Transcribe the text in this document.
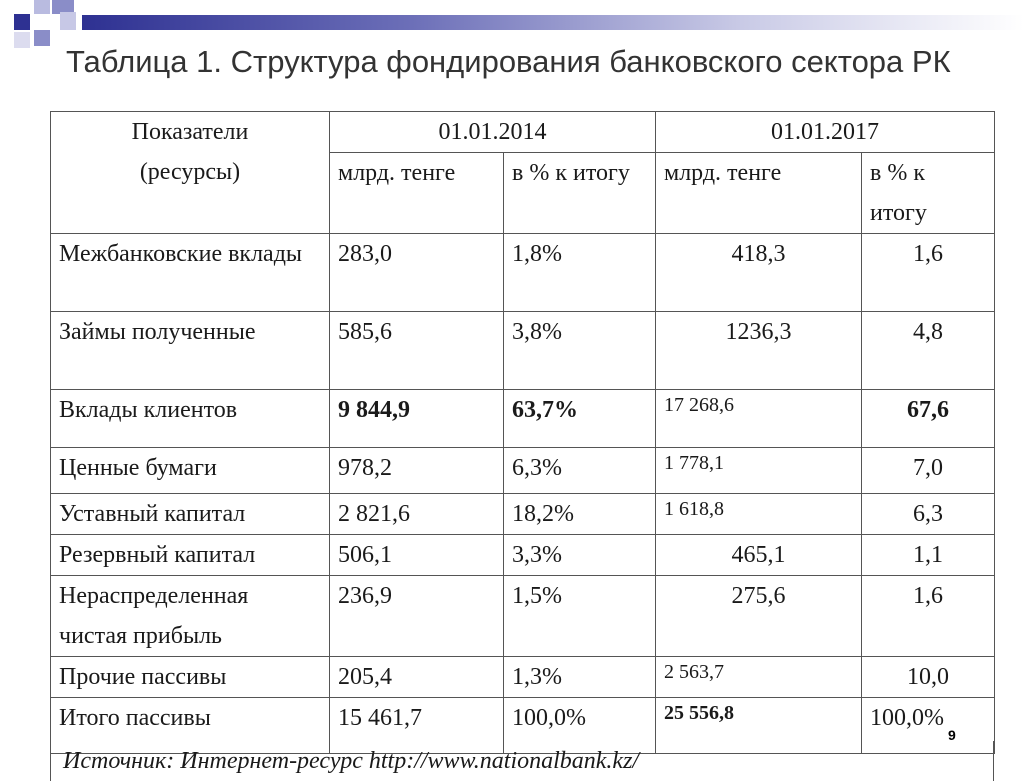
Таблица 1. Структура фондирования банковского сектора РК
Показатели
(ресурсы)	01.01.2014		01.01.2017	
	млрд. тенге	в % к итогу	млрд. тенге	в % к итогу
Межбанковские вклады	283,0	1,8%	418,3	1,6
Займы полученные	585,6	3,8%	1236,3	4,8
Вклады клиентов	9 844,9	63,7%	17 268,6	67,6
Ценные бумаги	978,2	6,3%	1 778,1	7,0
Уставный капитал	2 821,6	18,2%	1 618,8	6,3
Резервный капитал	506,1	3,3%	465,1	1,1
Нераспределенная чистая прибыль	236,9	1,5%	275,6	1,6
Прочие пассивы	205,4	1,3%	2 563,7	10,0
Итого пассивы	15 461,7	100,0%	25 556,8	100,0%
Источник: Интернет-ресурс http://www.nationalbank.kz/
9
